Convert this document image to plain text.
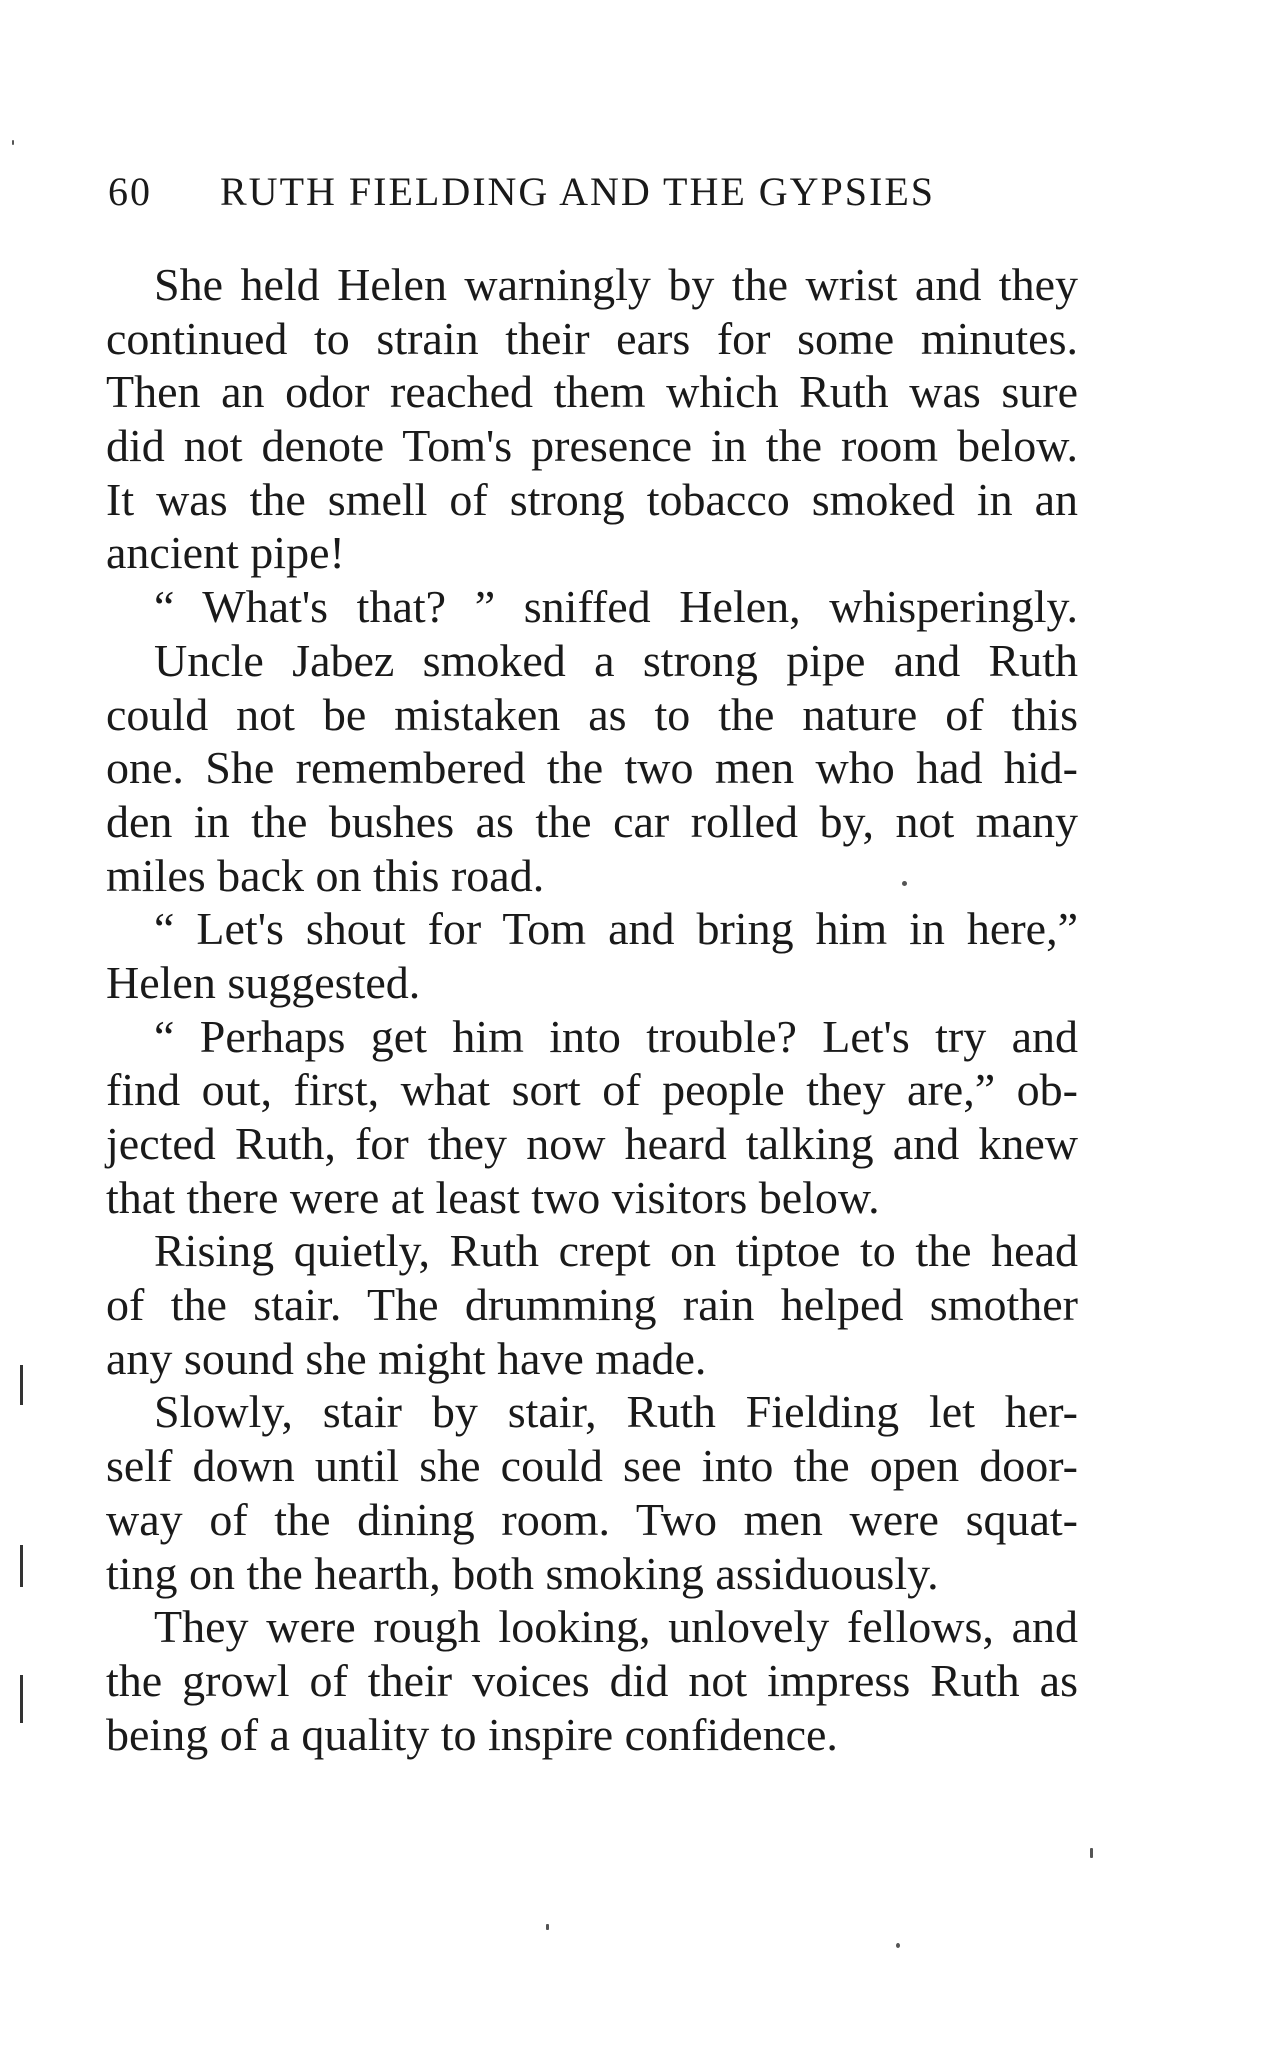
60 RUTH FIELDING AND THE GYPSIES
She held Helen warningly by the wrist and they
continued to strain their ears for some minutes.
Then an odor reached them which Ruth was sure
did not denote Tom's presence in the room below.
It was the smell of strong tobacco smoked in an
ancient pipe!
“ What's that? ” sniffed Helen, whisperingly.
Uncle Jabez smoked a strong pipe and Ruth
could not be mistaken as to the nature of this
one. She remembered the two men who had hid-
den in the bushes as the car rolled by, not many
miles back on this road.
“ Let's shout for Tom and bring him in here,”
Helen suggested.
“ Perhaps get him into trouble? Let's try and
find out, first, what sort of people they are,” ob-
jected Ruth, for they now heard talking and knew
that there were at least two visitors below.
Rising quietly, Ruth crept on tiptoe to the head
of the stair. The drumming rain helped smother
any sound she might have made.
Slowly, stair by stair, Ruth Fielding let her-
self down until she could see into the open door-
way of the dining room. Two men were squat-
ting on the hearth, both smoking assiduously.
They were rough looking, unlovely fellows, and
the growl of their voices did not impress Ruth as
being of a quality to inspire confidence.
